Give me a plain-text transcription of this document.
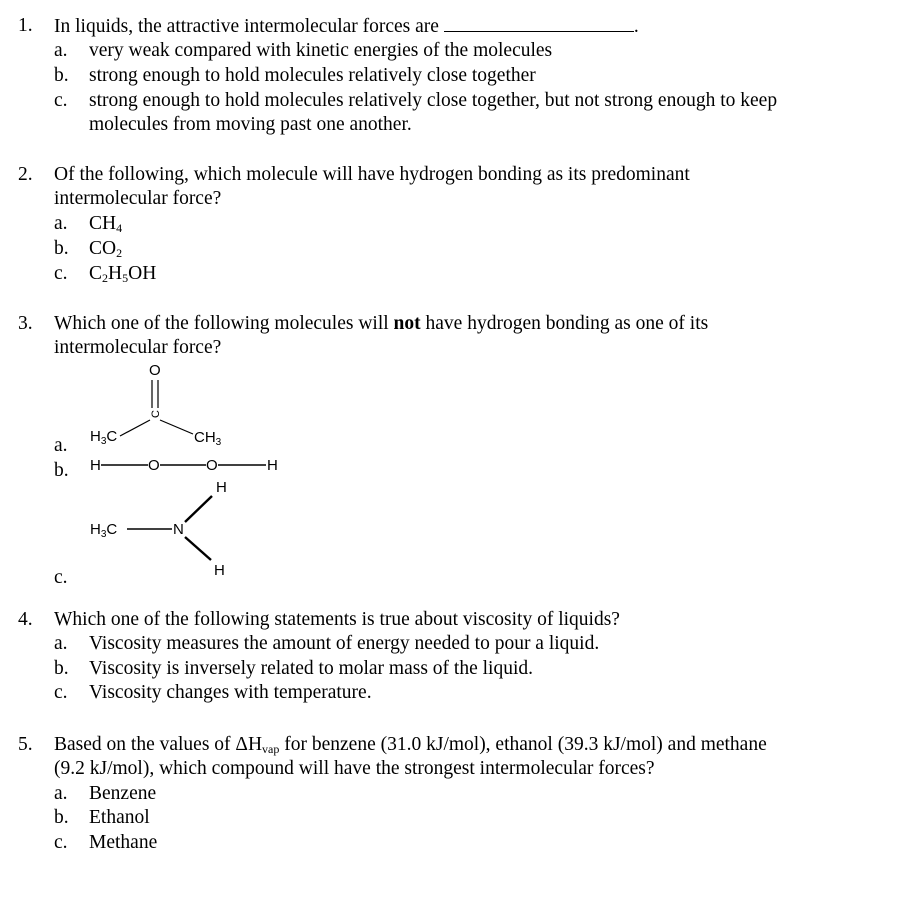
1. In liquids, the attractive intermolecular forces are	.
a. very weak compared with kinetic energies of the molecules
b. strong enough to hold molecules relatively close together
c. strong enough to hold molecules relatively close together, but not strong enough to keep
molecules from moving past one another.
2. Of the following, which molecule will have hydrogen bonding as its predominant
intermolecular force?
a. $CH_4$
b. $CO_2$
c. $C_2H_5OH$
3. Which one of the following molecules will not have hydrogen bonding as one of its
intermolecular force?
a.
b.
c.
O
C
$H_3C$	$CH_3$
H	O	O	H
H
$H_3C$	N
H
4. Which one of the following statements is true about viscosity of liquids?
a. Viscosity measures the amount of energy needed to pour a liquid.
b. Viscosity is inversely related to molar mass of the liquid.
c. Viscosity changes with temperature.
5. Based on the values of $\Delta H_{vap}$ for benzene (31.0 kJ/mol), ethanol (39.3 kJ/mol) and methane
(9.2 kJ/mol), which compound will have the strongest intermolecular forces?
a. Benzene
b. Ethanol
c. Methane
